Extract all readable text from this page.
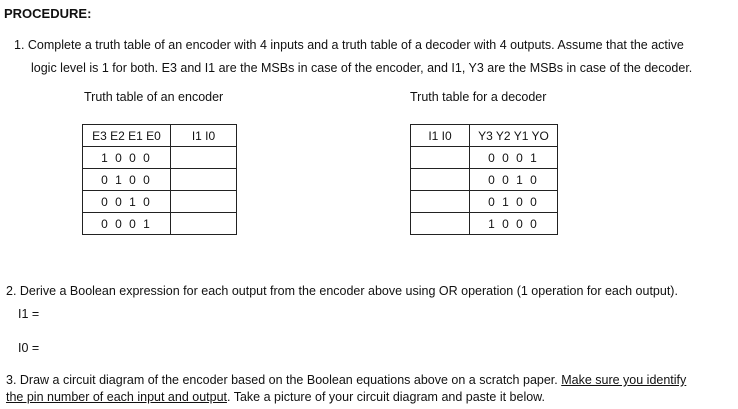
PROCEDURE:
1. Complete a truth table of an encoder with 4 inputs and a truth table of a decoder with 4 outputs. Assume that the active
logic level is 1 for both. E3 and I1 are the MSBs in case of the encoder, and I1, Y3 are the MSBs in case of the decoder.
Truth table of an encoder	Truth table for a decoder
E3 E2 E1 E0	I1 I0
1 0 0 0	
0 1 0 0	
0 0 1 0	
0 0 0 1	
I1 I0	Y3 Y2 Y1 YO
	0 0 0 1
	0 0 1 0
	0 1 0 0
	1 0 0 0
2. Derive a Boolean expression for each output from the encoder above using OR operation (1 operation for each output).
I1 =
I0 =
3. Draw a circuit diagram of the encoder based on the Boolean equations above on a scratch paper. Make sure you identify
the pin number of each input and output. Take a picture of your circuit diagram and paste it below.
